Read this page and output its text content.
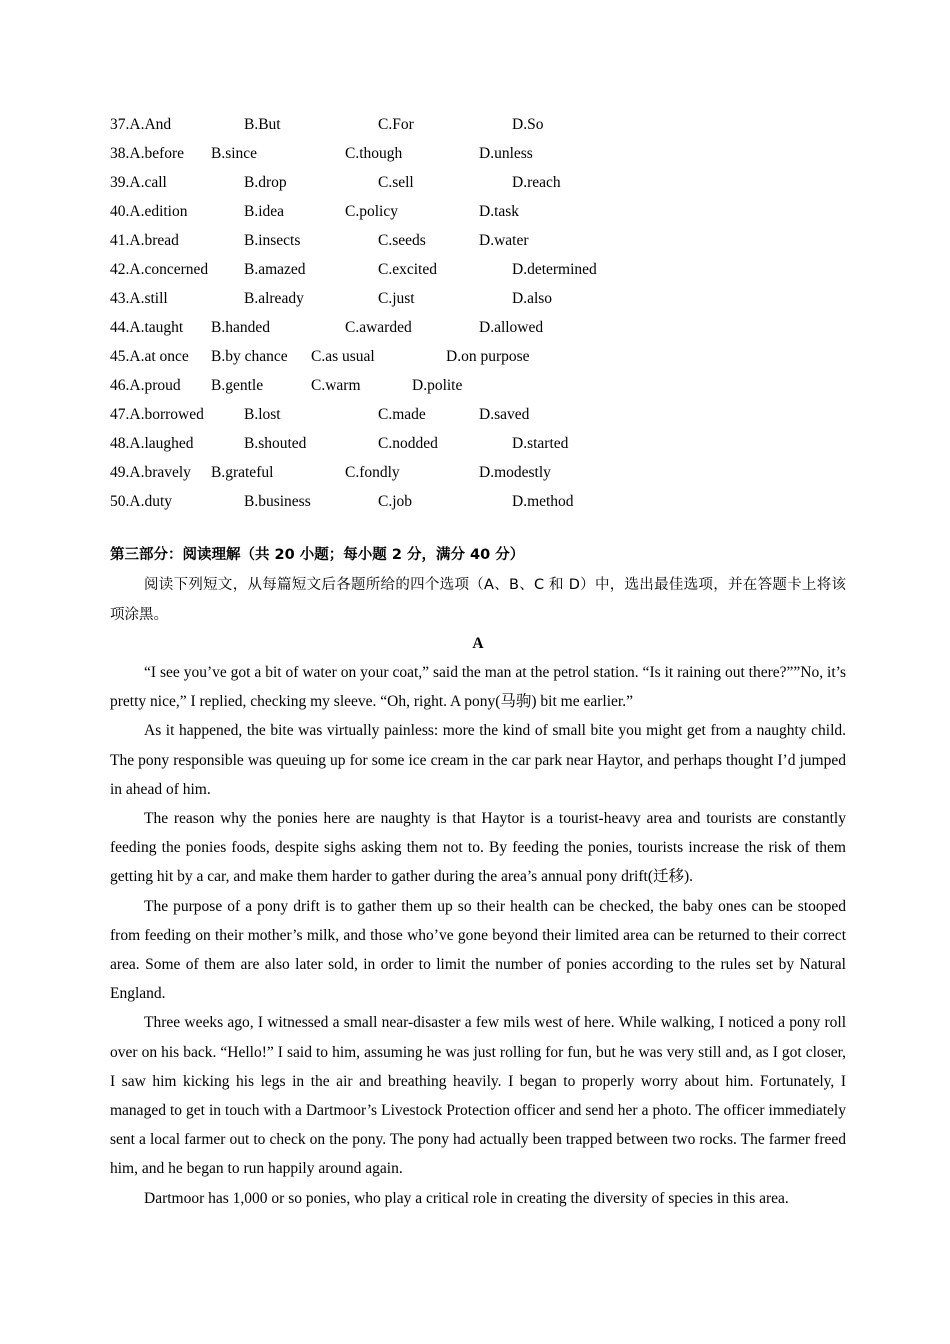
37.A.And	B.But	C.For	D.So
38.A.before B.since	C.though	D.unless
39.A.call	B.drop	C.sell	D.reach
40.A.edition	B.idea	C.policy	D.task
41.A.bread	B.insects	C.seeds	D.water
42.A.concerned B.amazed	C.excited	D.determined
43.A.still	B.already	C.just	D.also
44.A.taught B.handed	C.awarded	D.allowed
45.A.at once B.by chance C.as usual	D.on purpose
46.A.proud B.gentle	C.warm	D.polite
47.A.borrowed	B.lost	C.made	D.saved
48.A.laughed	B.shouted	C.nodded	D.started
49.A.bravely B.grateful	C.fondly	D.modestly
50.A.duty	B.business	C.job	D.method
第三部分：阅读理解（共 20 小题；每小题 2 分，满分 40 分）

阅读下列短文，从每篇短文后各题所给的四个选项（A、B、C 和 D）中，选出最佳选项，并在答题卡上将该项涂黑。

A

“I see you’ve got a bit of water on your coat,” said the man at the petrol station. “Is it raining out there?””No, it’s pretty nice,” I replied, checking my sleeve. “Oh, right. A pony(马驹) bit me earlier.”

As it happened, the bite was virtually painless: more the kind of small bite you might get from a naughty child. The pony responsible was queuing up for some ice cream in the car park near Haytor, and perhaps thought I’d jumped in ahead of him.

The reason why the ponies here are naughty is that Haytor is a tourist-heavy area and tourists are constantly feeding the ponies foods, despite sighs asking them not to. By feeding the ponies, tourists increase the risk of them getting hit by a car, and make them harder to gather during the area’s annual pony drift(迁移).

The purpose of a pony drift is to gather them up so their health can be checked, the baby ones can be stooped from feeding on their mother’s milk, and those who’ve gone beyond their limited area can be returned to their correct area. Some of them are also later sold, in order to limit the number of ponies according to the rules set by Natural England.

Three weeks ago, I witnessed a small near-disaster a few mils west of here. While walking, I noticed a pony roll over on his back. “Hello!” I said to him, assuming he was just rolling for fun, but he was very still and, as I got closer, I saw him kicking his legs in the air and breathing heavily. I began to properly worry about him. Fortunately, I managed to get in touch with a Dartmoor’s Livestock Protection officer and send her a photo. The officer immediately sent a local farmer out to check on the pony. The pony had actually been trapped between two rocks. The farmer freed him, and he began to run happily around again.

Dartmoor has 1,000 or so ponies, who play a critical role in creating the diversity of species in this area.
